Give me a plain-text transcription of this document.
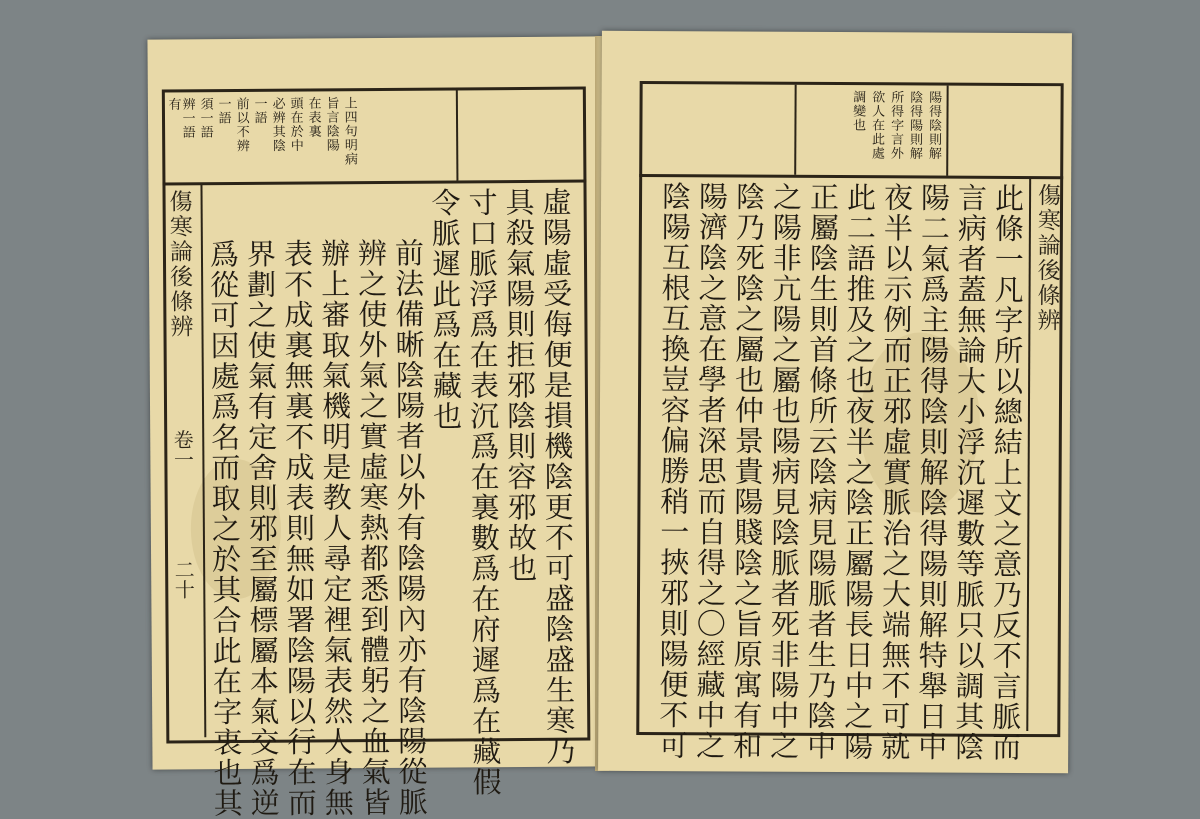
上四句明病
旨言陰陽
在表裏
頭在於中
必辨其陰
一語
前以不辨
一語
須一語
辨一語
有
傷寒論後條辨
卷一
二十	虛陽虛受侮便是損機陰更不可盛陰盛生寒乃
具殺氣陽則拒邪陰則容邪故也
寸口脈浮爲在表沉爲在裏數爲在府遲爲在藏假
令脈遲此爲在藏也
前法備晰陰陽者以外有陰陽內亦有陰陽從脈
辨之使外氣之實虛寒熱都悉到體躬之血氣皆
辦上審取氣機明是教人尋定裡氣表然人身無
表不成裏無裏不成表則無如署陰陽以行在而
界劃之使氣有定舍則邪至屬標屬本氣交爲逆
爲從可因處爲名而取之於其合此在字衷也其
陽得陰則解
陰得陽則解
所得字言外
欲人在此處
調變也
傷寒論後條辨
此條一凡字所以總結上文之意乃反不言脈而
言病者蓋無論大小浮沉遲數等脈只以調其陰
陽二氣爲主陽得陰則解陰得陽則解特舉日中
夜半以示例而正邪虛實脈治之大端無不可就
此二語推及之也夜半之陰正屬陽長日中之陽
正屬陰生則首條所云陰病見陽脈者生乃陰中
之陽非亢陽之屬也陽病見陰脈者死非陽中之
陰乃死陰之屬也仲景貴陽賤陰之旨原寓有和
陽濟陰之意在學者深思而自得之〇經藏中之
陰陽互根互換豈容偏勝稍一挾邪則陽便不可
